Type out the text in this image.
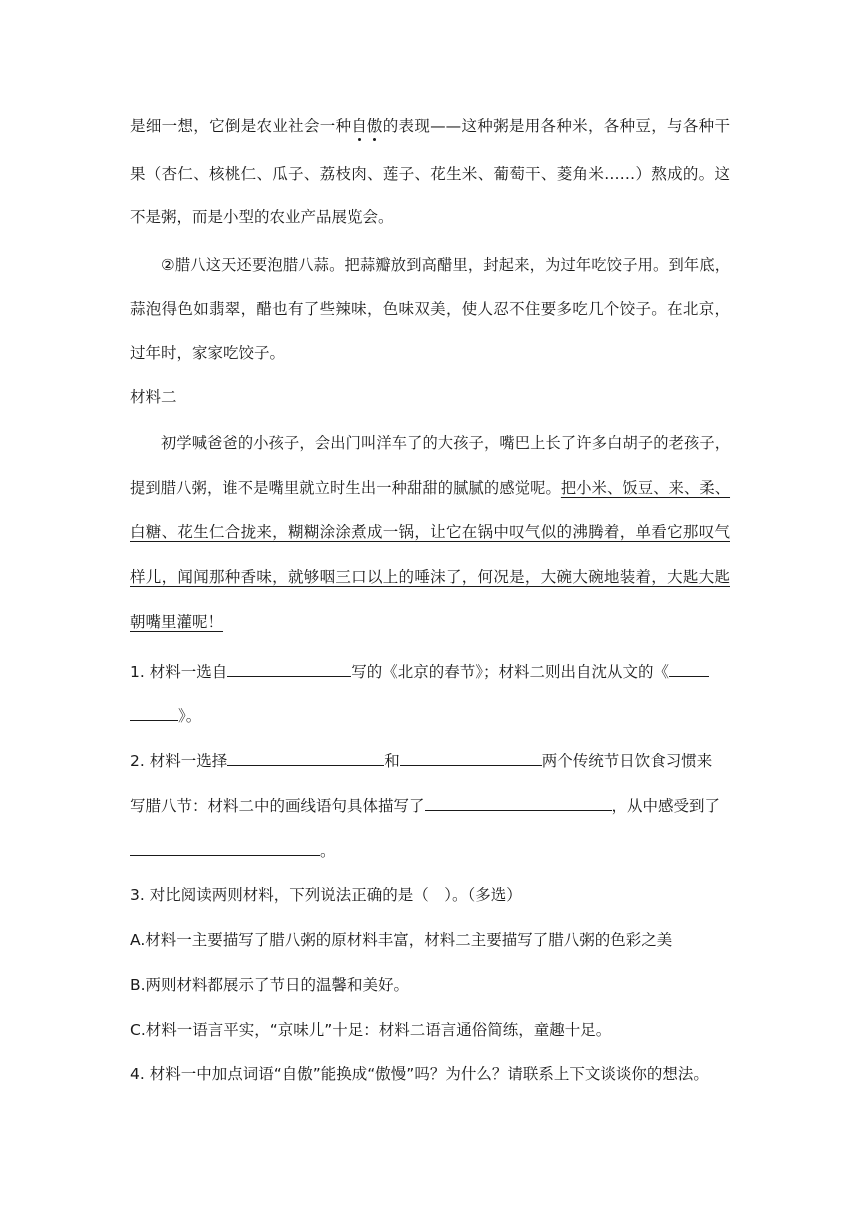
是细一想，它倒是农业社会一种自傲的表现——这种粥是用各种米，各种豆，与各种干
果（杏仁、核桃仁、瓜子、荔枝肉、莲子、花生米、葡萄干、菱角米……）熬成的。这
不是粥，而是小型的农业产品展览会。
②腊八这天还要泡腊八蒜。把蒜瓣放到高醋里，封起来，为过年吃饺子用。到年底，
蒜泡得色如翡翠，醋也有了些辣味，色味双美，使人忍不住要多吃几个饺子。在北京，
过年时，家家吃饺子。
材料二
初学喊爸爸的小孩子，会出门叫洋车了的大孩子，嘴巴上长了许多白胡子的老孩子，
提到腊八粥，谁不是嘴里就立时生出一种甜甜的腻腻的感觉呢。把小米、饭豆、来、柔、
白糖、花生仁合拢来，糊糊涂涂煮成一锅，让它在锅中叹气似的沸腾着，单看它那叹气
样儿，闻闻那种香味，就够咽三口以上的唾沫了，何况是，大碗大碗地装着，大匙大匙
朝嘴里灌呢！
1. 材料一选自	写的《北京的春节》；材料二则出自沈从文的《
》。
2. 材料一选择	和	两个传统节日饮食习惯来
写腊八节：材料二中的画线语句具体描写了	，从中感受到了
。
3. 对比阅读两则材料，下列说法正确的是（　）。（多选）
A.材料一主要描写了腊八粥的原材料丰富，材料二主要描写了腊八粥的色彩之美
B.两则材料都展示了节日的温馨和美好。
C.材料一语言平实，“京味儿”十足：材料二语言通俗简练，童趣十足。
4. 材料一中加点词语“自傲”能换成“傲慢”吗？为什么？请联系上下文谈谈你的想法。
